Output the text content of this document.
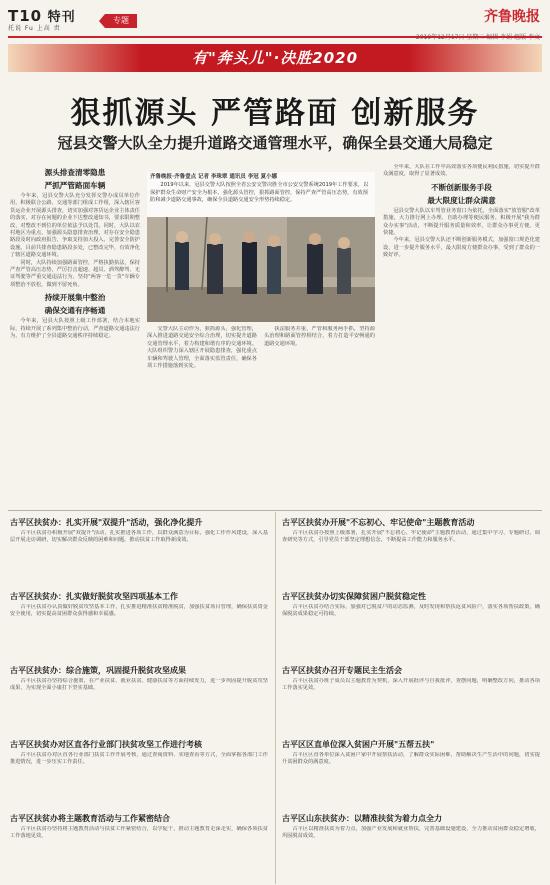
T10 特刊
托说 Fu 上高 责
专题	齐鲁晚报
有"奔头儿"·决胜2020
狠抓源头 严管路面 创新服务
冠县交警大队全力提升道路交通管理水平，确保全县交通大局稳定
源头排查清零隐患
严抓严管路面车辆

今年来，冠县交警大队充分发挥交警办成员单位作用，积极联合公路、交通等部门组成工作组，深入辖区客货运企业开展源头排查，切实加强对客货运企业主体责任的落实，对存在问题的企业下达整改通知书，要求限期整改，对整改不到位的单位依法予以处罚。同时，大队以农村地区为重点，加强源头隐患排查治理，对存在安全隐患路段及时向政府报告，争取支持加大投入，完善安全防护设施。目前共排查隐患路段多处，已整改完毕，有效净化了辖区道路交通环境。

同时，大队持续加强路面管控，严格执勤执法，保持严查严管高压态势，严厉打击超速、超员、酒驾醉驾、无证驾驶等严重交通违法行为，坚持"两客一危一货"车辆专项整治不放松，做到不留死角。

持续开展集中整治
确保交通有序畅通

今年来，冠县大队按照上级工作部署，结合本地实际，持续开展了系列集中整治行动，严查道路交通违法行为，有力维护了全县道路交通秩序持续稳定。

齐鲁晚报·齐鲁壹点 记者 李珠翠 通讯员 李冠 夏小娜
2019年以来，冠县交警大队按照全省公安交警决胜全市公安交警系统2019年工作要求，以保护群众生命财产安全为根本，强化源头管控，狠抓路面管控，保持严查严管高压态势，有效预防和减少道路交通事故，确保全县道路交通安全形势持续稳定。

交警大队主动作为，狠抓源头，强化管理，深入推进道路交通安全综合治理，切实提升道路交通管理水平，着力构建和谐有序的交通环境。大队组织警力深入辖区开展隐患排查，强化重点车辆和驾驶人管理，全面落实监管责任，确保各项工作措施落到实处。

执法服务并重，严管和服务两手抓，坚持源头治理和路面管控相结合，着力打造平安畅通的道路交通环境。

全年来，大队在工作中高效落实各项便民利民措施，切实提升群众满意度，取得了显著成效。

不断创新服务手段
最大限度让群众满意

冠县交警大队以车驾管业务窗口为依托，全面落实"放管服"改革措施，大力推行网上办理、自助办理等便民服务，积极开展"我为群众办实事"活动，不断提升服务质量和效率，让群众办事更方便、更快捷。

今年来，冠县交警大队还不断创新服务模式，加强窗口规范化建设，进一步提升服务水平，最大限度方便群众办事，受到了群众的一致好评。

古平区扶贫办：扎实开展"双提升"活动，强化净化提升
古平区扶贫办积极开展"双提升"活动，扎实推进各项工作，以群众满意为目标，强化工作作风建设，深入基层开展走访调研，切实解决群众反映的困难和问题，推动扶贫工作取得新成效。
古平区扶贫办：扎实做好脱贫攻坚四项基本工作
古平区扶贫办认真做好脱贫攻坚基本工作，扎实推进精准扶贫精准脱贫，加强扶贫项目管理，确保扶贫资金安全使用，切实提高贫困群众获得感和幸福感。
古平区扶贫办：综合施策，巩固提升脱贫攻坚成果
古平区扶贫办坚持综合施策，在产业扶贫、就业扶贫、健康扶贫等方面持续发力，进一步巩固提升脱贫攻坚成果，为实现全面小康打下坚实基础。
古平区扶贫办对区直各行业部门扶贫攻坚工作进行考核
古平区扶贫办对区直各行业部门扶贫工作开展考核，通过查阅资料、实地查看等方式，全面掌握各部门工作推进情况，进一步压实工作责任。
古平区扶贫办将主题教育活动与工作紧密结合
古平区扶贫办坚持将主题教育活动与扶贫工作紧密结合，以学促干，推动主题教育走深走实，确保各项扶贫工作落地见效。
古平区扶贫办开展"不忘初心、牢记使命"主题教育活动
古平区扶贫办按照上级部署，扎实开展"不忘初心、牢记使命"主题教育活动，通过集中学习、专题研讨、调查研究等方式，引导党员干部坚定理想信念，不断提高工作能力和服务水平。
古平区扶贫办切实保障贫困户脱贫稳定性
古平区扶贫办结合实际，加强对已脱贫户的动态监测，及时发现和帮扶返贫风险户，落实各项帮扶政策，确保脱贫成果稳定可持续。
古平区扶贫办召开专题民主生活会
古平区扶贫办班子成员以主题教育为契机，深入开展批评与自我批评，查摆问题，明确整改方向，推动各项工作落实见效。
古平区区直单位深入贫困户开展"五帮五扶"
古平区区直各单位深入贫困户家中开展帮扶活动，了解群众实际困难，帮助解决生产生活中的问题，切实提升贫困群众的满意度。
古平区山东扶贫办：以精准扶贫为着力点全力
古平区以精准扶贫为着力点，加强产业发展和就业帮扶，完善基础设施建设，全力推动贫困群众稳定增收，巩固脱贫成效。
